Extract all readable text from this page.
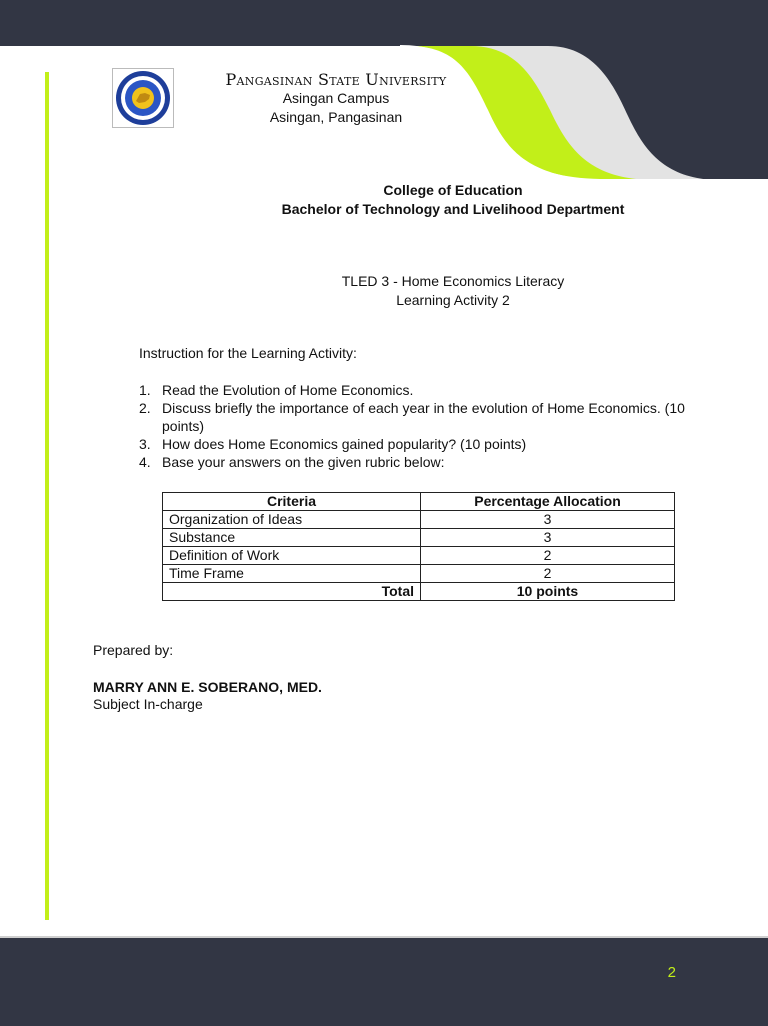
Pangasinan State University
Asingan Campus
Asingan, Pangasinan
College of Education
Bachelor of Technology and Livelihood Department
TLED 3 - Home Economics Literacy
Learning Activity 2
Instruction for the Learning Activity:
1. Read the Evolution of Home Economics.
2. Discuss briefly the importance of each year in the evolution of Home Economics. (10 points)
3. How does Home Economics gained popularity? (10 points)
4. Base your answers on the given rubric below:
Criteria	Percentage Allocation
Organization of Ideas	3
Substance	3
Definition of Work	2
Time Frame	2
Total	10 points
Prepared by:
MARRY ANN E. SOBERANO, MED.
Subject In-charge
2
